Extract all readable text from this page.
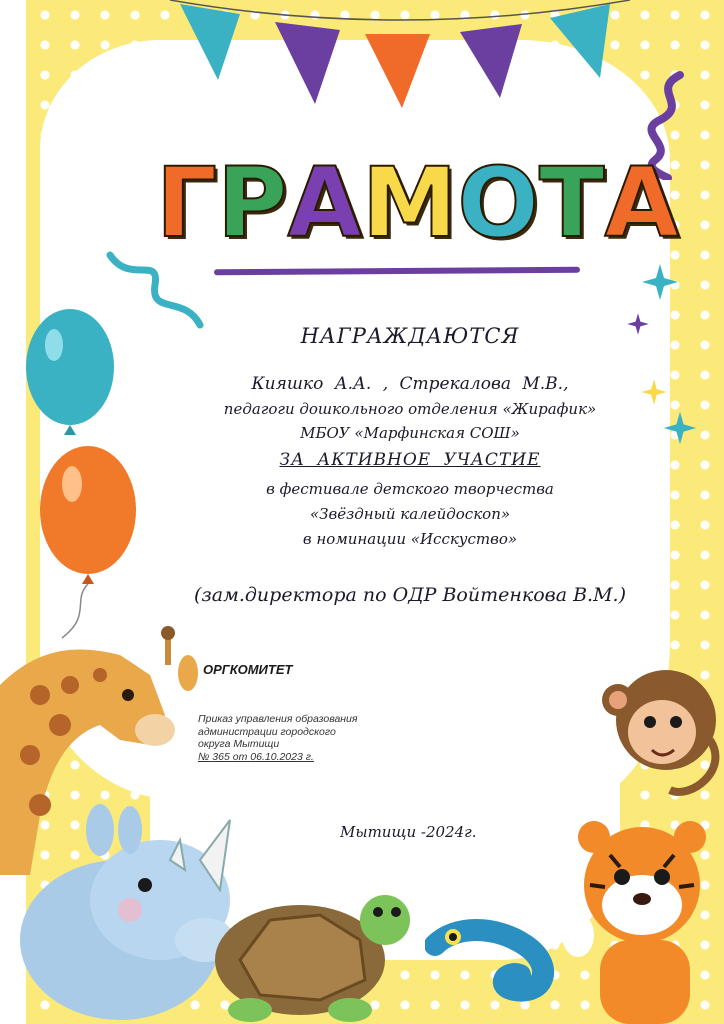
Г Р А М О Т А
НАГРАЖДАЮТСЯ
Кияшко А.А. , Стрекалова М.В.,
педагоги дошкольного отделения «Жирафик»
МБОУ «Марфинская СОШ»
ЗА АКТИВНОЕ УЧАСТИЕ
в фестивале детского творчества
«Звёздный калейдоскоп»
в номинации «Исскуство»
(зам.директора по ОДР Войтенкова В.М.)
ОРГКОМИТЕТ
Приказ управления образования
администрации городского
округа Мытищи
№ 365 от 06.10.2023 г.
Мытищи -2024г.
